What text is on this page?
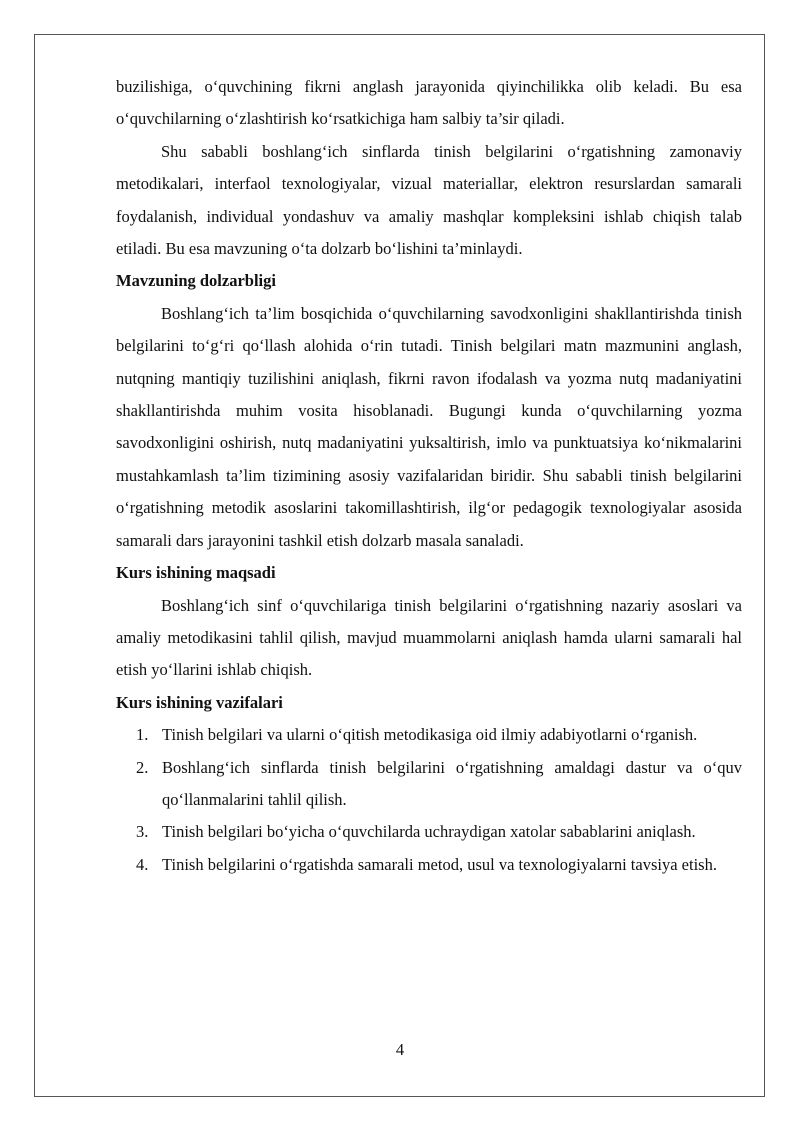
buzilishiga, o‘quvchining fikrni anglash jarayonida qiyinchilikka olib keladi. Bu esa o‘quvchilarning o‘zlashtirish ko‘rsatkichiga ham salbiy ta’sir qiladi.

Shu sababli boshlang‘ich sinflarda tinish belgilarini o‘rgatishning zamonaviy metodikalari, interfaol texnologiyalar, vizual materiallar, elektron resurslardan samarali foydalanish, individual yondashuv va amaliy mashqlar kompleksini ishlab chiqish talab etiladi. Bu esa mavzuning o‘ta dolzarb bo‘lishini ta’minlaydi.

Mavzuning dolzarbligi

Boshlang‘ich ta’lim bosqichida o‘quvchilarning savodxonligini shakllantirishda tinish belgilarini to‘g‘ri qo‘llash alohida o‘rin tutadi. Tinish belgilari matn mazmunini anglash, nutqning mantiqiy tuzilishini aniqlash, fikrni ravon ifodalash va yozma nutq madaniyatini shakllantirishda muhim vosita hisoblanadi. Bugungi kunda o‘quvchilarning yozma savodxonligini oshirish, nutq madaniyatini yuksaltirish, imlo va punktuatsiya ko‘nikmalarini mustahkamlash ta’lim tizimining asosiy vazifalaridan biridir. Shu sababli tinish belgilarini o‘rgatishning metodik asoslarini takomillashtirish, ilg‘or pedagogik texnologiyalar asosida samarali dars jarayonini tashkil etish dolzarb masala sanaladi.

Kurs ishining maqsadi

Boshlang‘ich sinf o‘quvchilariga tinish belgilarini o‘rgatishning nazariy asoslari va amaliy metodikasini tahlil qilish, mavjud muammolarni aniqlash hamda ularni samarali hal etish yo‘llarini ishlab chiqish.

Kurs ishining vazifalari
1. Tinish belgilari va ularni o‘qitish metodikasiga oid ilmiy adabiyotlarni o‘rganish.
2. Boshlang‘ich sinflarda tinish belgilarini o‘rgatishning amaldagi dastur va o‘quv qo‘llanmalarini tahlil qilish.
3. Tinish belgilari bo‘yicha o‘quvchilarda uchraydigan xatolar sabablarini aniqlash.
4. Tinish belgilarini o‘rgatishda samarali metod, usul va texnologiyalarni tavsiya etish.
4
